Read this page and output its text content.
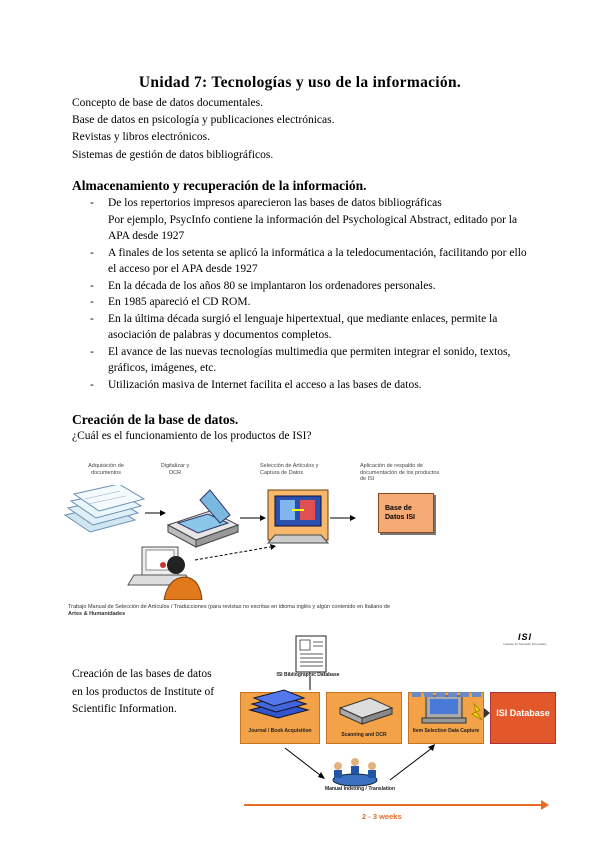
Unidad 7: Tecnologías y uso de la información.
Concepto de base de datos documentales.
Base de datos en psicología y publicaciones electrónicas.
Revistas y libros electrónicos.
Sistemas de gestión de datos bibliográficos.
Almacenamiento y recuperación de la información.
- De los repertorios impresos aparecieron las bases de datos bibliográficas
Por ejemplo, PsycInfo contiene la información del Psychological Abstract, editado por la APA desde 1927
- A finales de los setenta se aplicó la informática a la teledocumentación, facilitando por ello el acceso por el APA desde 1927
- En la década de los años 80 se implantaron los ordenadores personales.
- En 1985 apareció el CD ROM.
- En la última década surgió el lenguaje hipertextual, que mediante enlaces, permite la asociación de palabras y documentos completos.
- El avance de las nuevas tecnologías multimedia que permiten integrar el sonido, textos, gráficos, imágenes, etc.
- Utilización masiva de Internet facilita el acceso a las bases de datos.
Creación de la base de datos.
¿Cuál es el funcionamiento de los productos de ISI?
Adquisición de documentos
Digitalizar y OCR
Selección de Artículos y Captura de Datos
Aplicación de respaldo de documentación de los productos de ISI
Base de Datos ISI
Trabajo Manual de Selección de Artículos / Traducciones (para revistas no escritas en idioma inglés y algún contenido en Italiano de
Artes & Humanidades
ISI
Institute for Scientific Information
Creación de las bases de datos
en los productos de Institute of
Scientific Information.
ISI Bibliographic Database
ISI Database
Journal / Book Acquisition
Scanning and OCR
Item Selection Data Capture
Manual Indexing / Translation
2 - 3 weeks
